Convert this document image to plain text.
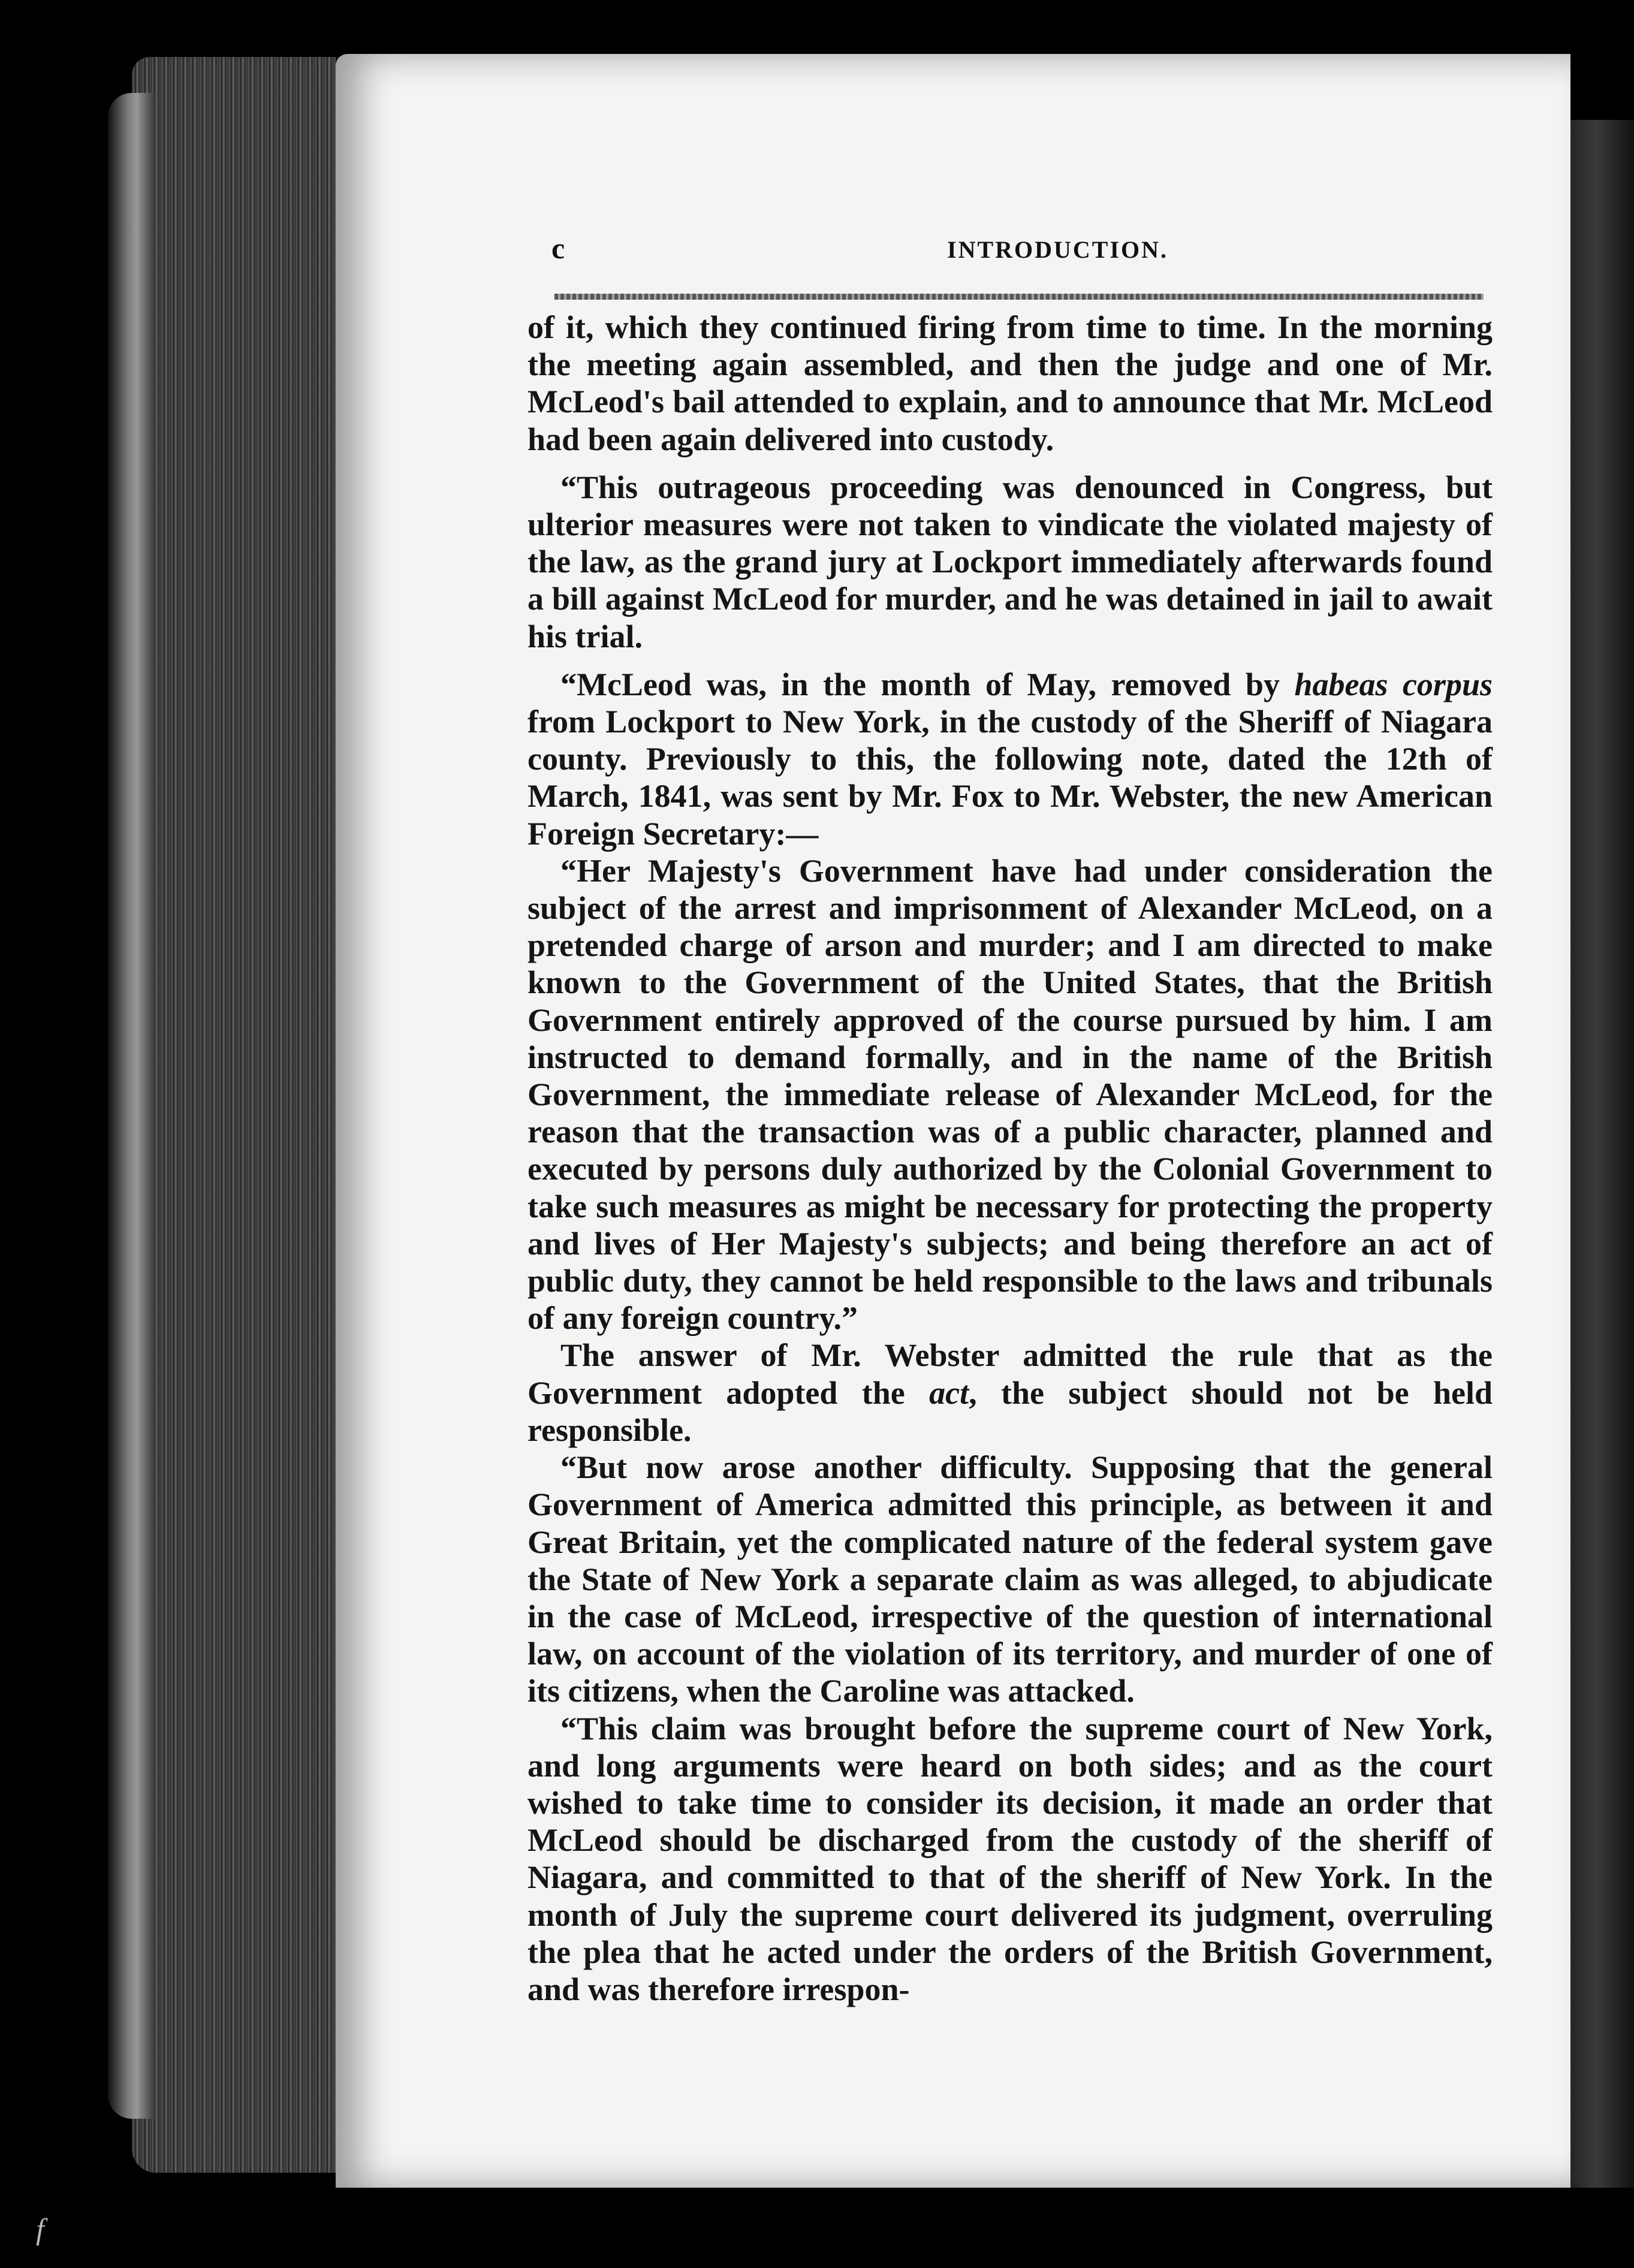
c	INTRODUCTION.

of it, which they continued firing from time to time. In the morning the meeting again assembled, and then the judge and one of Mr. McLeod's bail attended to explain, and to announce that Mr. McLeod had been again delivered into custody.

“This outrageous proceeding was denounced in Congress, but ulterior measures were not taken to vindicate the violated majesty of the law, as the grand jury at Lockport immediately afterwards found a bill against McLeod for murder, and he was detained in jail to await his trial.

“McLeod was, in the month of May, removed by habeas corpus from Lockport to New York, in the custody of the Sheriff of Niagara county. Previously to this, the following note, dated the 12th of March, 1841, was sent by Mr. Fox to Mr. Webster, the new American Foreign Secretary:—

“Her Majesty's Government have had under consideration the subject of the arrest and imprisonment of Alexander McLeod, on a pretended charge of arson and murder; and I am directed to make known to the Government of the United States, that the British Government entirely approved of the course pursued by him. I am instructed to demand formally, and in the name of the British Government, the immediate release of Alexander McLeod, for the reason that the transaction was of a public character, planned and executed by persons duly authorized by the Colonial Government to take such measures as might be necessary for protecting the property and lives of Her Majesty's subjects; and being therefore an act of public duty, they cannot be held responsible to the laws and tribunals of any foreign country.”

The answer of Mr. Webster admitted the rule that as the Government adopted the act, the subject should not be held responsible.

“But now arose another difficulty. Supposing that the general Government of America admitted this principle, as between it and Great Britain, yet the complicated nature of the federal system gave the State of New York a separate claim as was alleged, to abjudicate in the case of McLeod, irrespective of the question of international law, on account of the violation of its territory, and murder of one of its citizens, when the Caroline was attacked.

“This claim was brought before the supreme court of New York, and long arguments were heard on both sides; and as the court wished to take time to consider its decision, it made an order that McLeod should be discharged from the custody of the sheriff of Niagara, and committed to that of the sheriff of New York. In the month of July the supreme court delivered its judgment, overruling the plea that he acted under the orders of the British Government, and was therefore irrespon-

f
